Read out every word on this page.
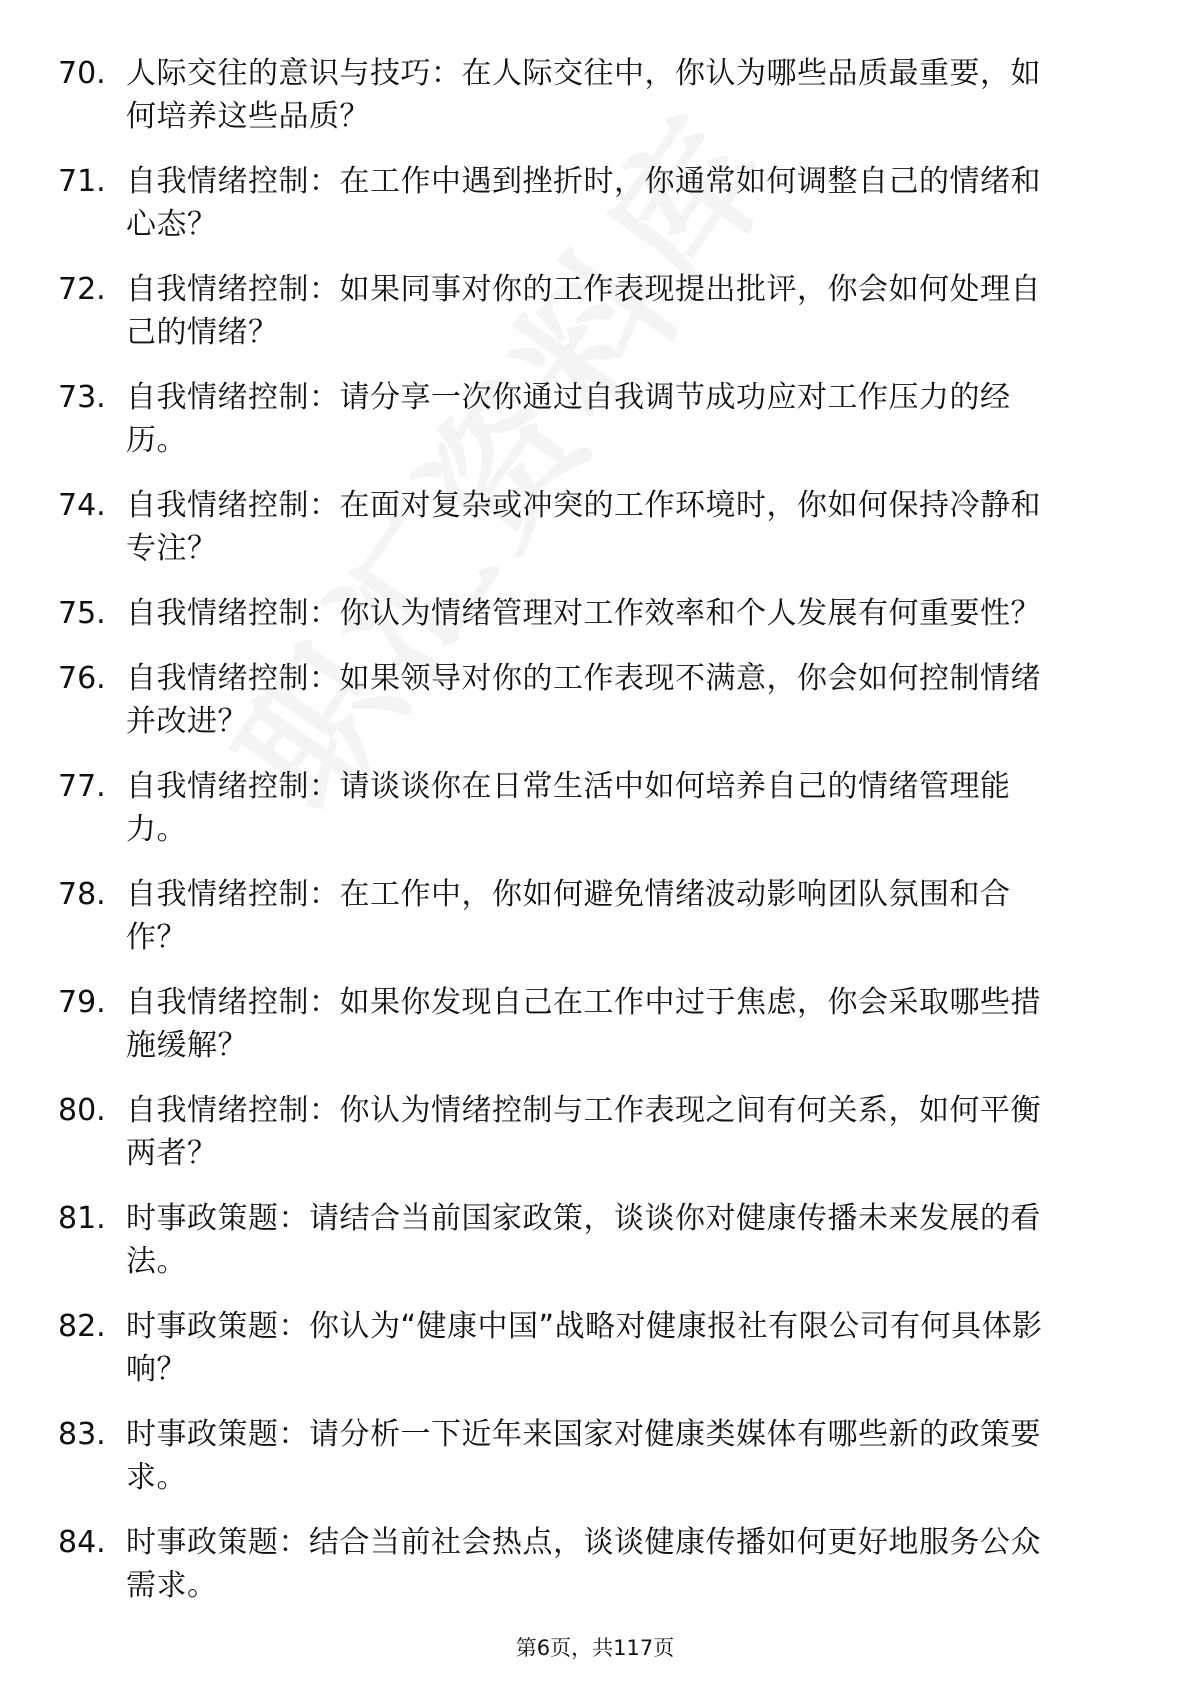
70. 人际交往的意识与技巧：在人际交往中，你认为哪些品质最重要，如何培养这些品质？
71. 自我情绪控制：在工作中遇到挫折时，你通常如何调整自己的情绪和心态？
72. 自我情绪控制：如果同事对你的工作表现提出批评，你会如何处理自己的情绪？
73. 自我情绪控制：请分享一次你通过自我调节成功应对工作压力的经历。
74. 自我情绪控制：在面对复杂或冲突的工作环境时，你如何保持冷静和专注？
75. 自我情绪控制：你认为情绪管理对工作效率和个人发展有何重要性？
76. 自我情绪控制：如果领导对你的工作表现不满意，你会如何控制情绪并改进？
77. 自我情绪控制：请谈谈你在日常生活中如何培养自己的情绪管理能力。
78. 自我情绪控制：在工作中，你如何避免情绪波动影响团队氛围和合作？
79. 自我情绪控制：如果你发现自己在工作中过于焦虑，你会采取哪些措施缓解？
80. 自我情绪控制：你认为情绪控制与工作表现之间有何关系，如何平衡两者？
81. 时事政策题：请结合当前国家政策，谈谈你对健康传播未来发展的看法。
82. 时事政策题：你认为“健康中国”战略对健康报社有限公司有何具体影响？
83. 时事政策题：请分析一下近年来国家对健康类媒体有哪些新的政策要求。
84. 时事政策题：结合当前社会热点，谈谈健康传播如何更好地服务公众需求。
第6页，共117页
